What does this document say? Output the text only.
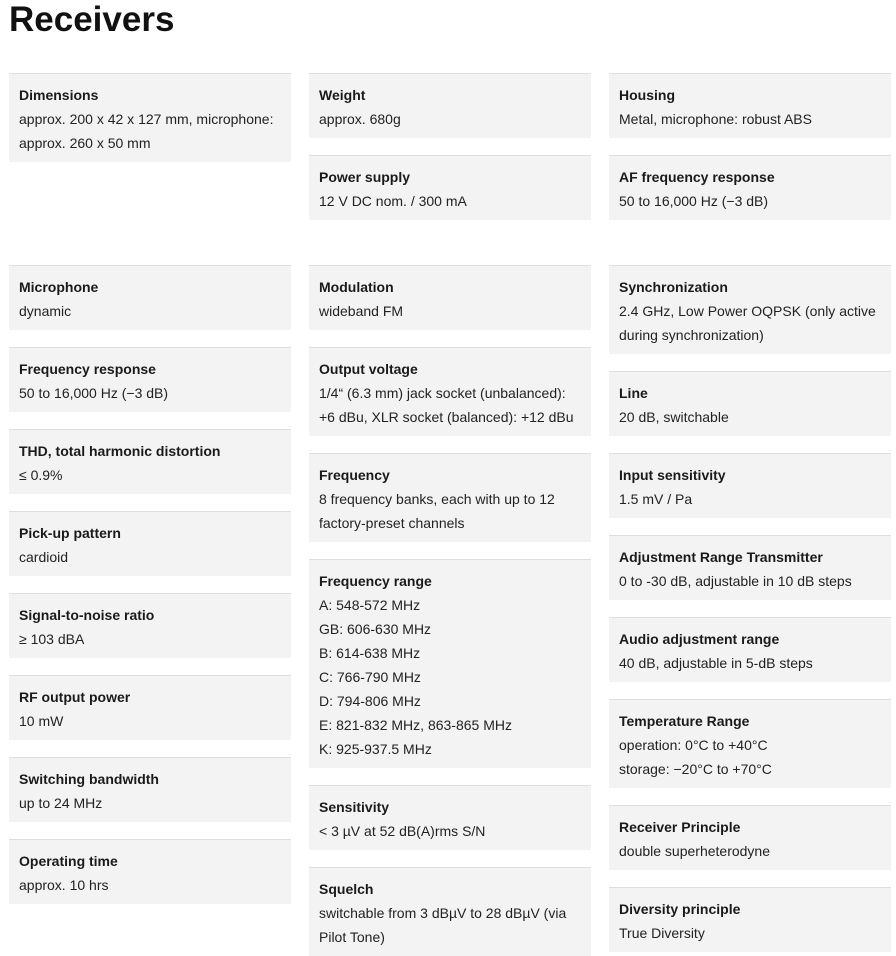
Receivers
Dimensions
approx. 200 x 42 x 127 mm, microphone: approx. 260 x 50 mm
Weight
approx. 680g
Power supply
12 V DC nom. / 300 mA
Housing
Metal, microphone: robust ABS
AF frequency response
50 to 16,000 Hz (−3 dB)
Microphone
dynamic
Frequency response
50 to 16,000 Hz (−3 dB)
THD, total harmonic distortion
≤ 0.9%
Pick-up pattern
cardioid
Signal-to-noise ratio
≥ 103 dBA
RF output power
10 mW
Switching bandwidth
up to 24 MHz
Operating time
approx. 10 hrs
Modulation
wideband FM
Output voltage
1/4“ (6.3 mm) jack socket (unbalanced): +6 dBu, XLR socket (balanced): +12 dBu
Frequency
8 frequency banks, each with up to 12 factory-preset channels
Frequency range
A: 548-572 MHz
GB: 606-630 MHz
B: 614-638 MHz
C: 766-790 MHz
D: 794-806 MHz
E: 821-832 MHz, 863-865 MHz
K: 925-937.5 MHz
Sensitivity
< 3 µV at 52 dB(A)rms S/N
Squelch
switchable from 3 dBµV to 28 dBµV (via Pilot Tone)
Synchronization
2.4 GHz, Low Power OQPSK (only active during synchronization)
Line
20 dB, switchable
Input sensitivity
1.5 mV / Pa
Adjustment Range Transmitter
0 to -30 dB, adjustable in 10 dB steps
Audio adjustment range
40 dB, adjustable in 5-dB steps
Temperature Range
operation: 0°C to +40°C
storage: −20°C to +70°C
Receiver Principle
double superheterodyne
Diversity principle
True Diversity
